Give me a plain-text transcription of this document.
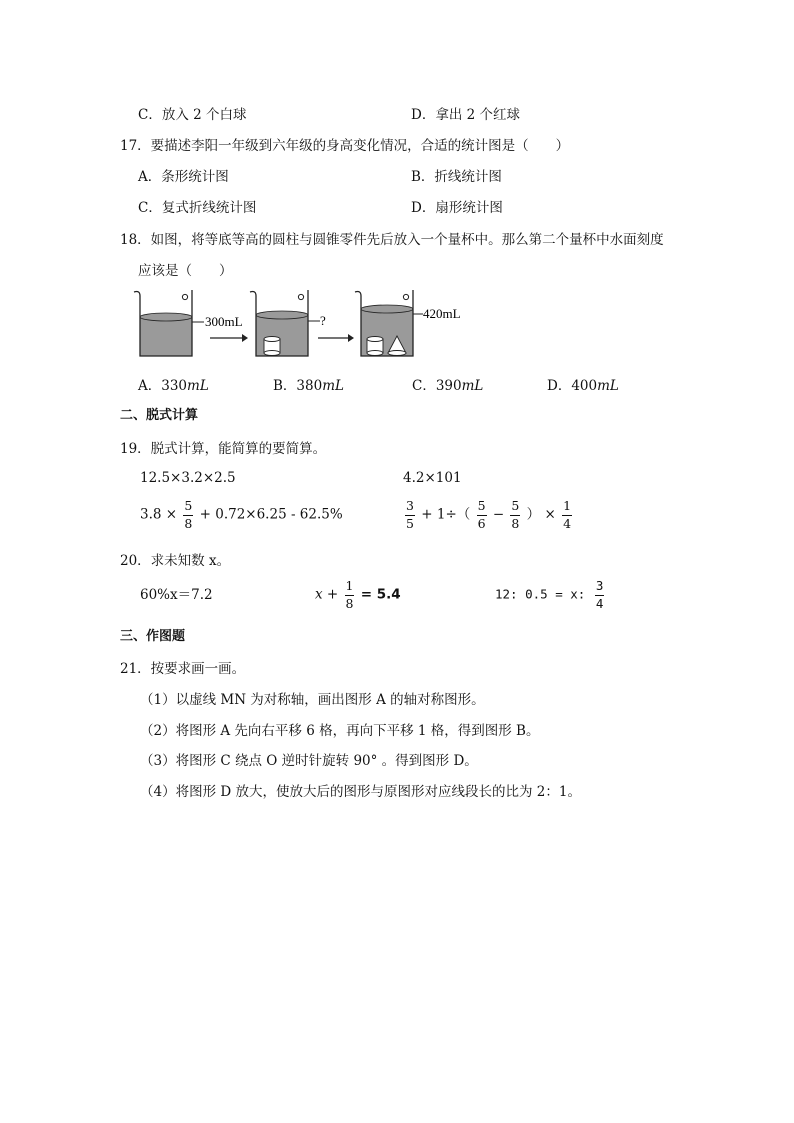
C．放入 2 个白球	D．拿出 2 个红球
17．要描述李阳一年级到六年级的身高变化情况，合适的统计图是（　　）
A．条形统计图	B．折线统计图
C．复式折线统计图	D．扇形统计图
18．如图，将等底等高的圆柱与圆锥零件先后放入一个量杯中。那么第二个量杯中水面刻度
应该是（　　）
300mL	?	420mL
A．330mL	B．380mL	C．390mL	D．400mL
二、脱式计算
19．脱式计算，能简算的要简算。
12.5×3.2×2.5	4.2×101
$3.8 \times \frac{5}{8} + 0.72\times 6.25 - 62.5\%$	$\frac{3}{5} + 1\div( \frac{5}{6} - \frac{5}{8}$ ） × $\frac{1}{4}$
20．求未知数 x。
60%x＝7.2	$x + \frac{1}{8} = 5.4$	12: 0.5 = x: $\frac{3}{4}$
三、作图题
21．按要求画一画。
（1）以虚线 MN 为对称轴，画出图形 A 的轴对称图形。
（2）将图形 A 先向右平移 6 格，再向下平移 1 格，得到图形 B。
（3）将图形 C 绕点 O 逆时针旋转 90° 。得到图形 D。
（4）将图形 D 放大，使放大后的图形与原图形对应线段长的比为 2：1。
